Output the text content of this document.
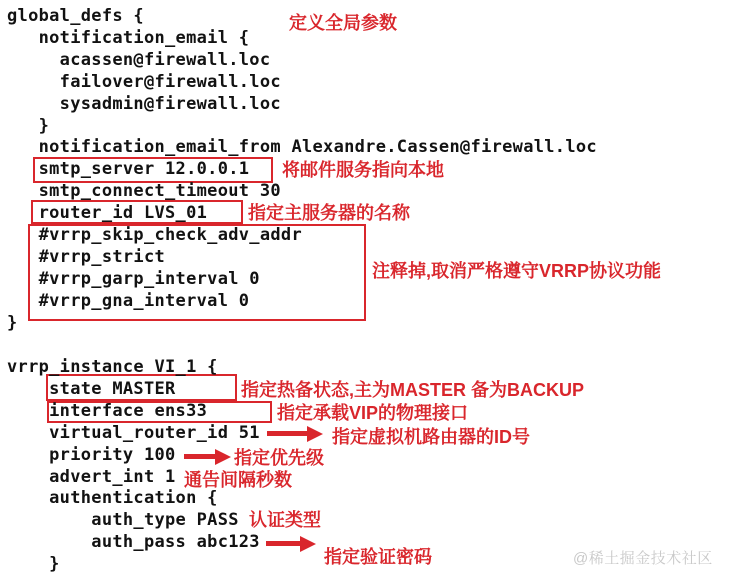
global_defs {
notification_email {
acassen@firewall.loc
failover@firewall.loc
sysadmin@firewall.loc
}
notification_email_from Alexandre.Cassen@firewall.loc
smtp_server 12.0.0.1
smtp_connect_timeout 30
router_id LVS_01
#vrrp_skip_check_adv_addr
#vrrp_strict
#vrrp_garp_interval 0
#vrrp_gna_interval 0
}
vrrp_instance VI_1 {
state MASTER
interface ens33
virtual_router_id 51
priority 100
advert_int 1
authentication {
auth_type PASS
auth_pass abc123
}
定义全局参数
将邮件服务指向本地
指定主服务器的名称
注释掉,取消严格遵守VRRP协议功能
指定热备状态,主为MASTER 备为BACKUP
指定承载VIP的物理接口
指定虚拟机路由器的ID号
指定优先级
通告间隔秒数
认证类型
指定验证密码	@稀土掘金技术社区
